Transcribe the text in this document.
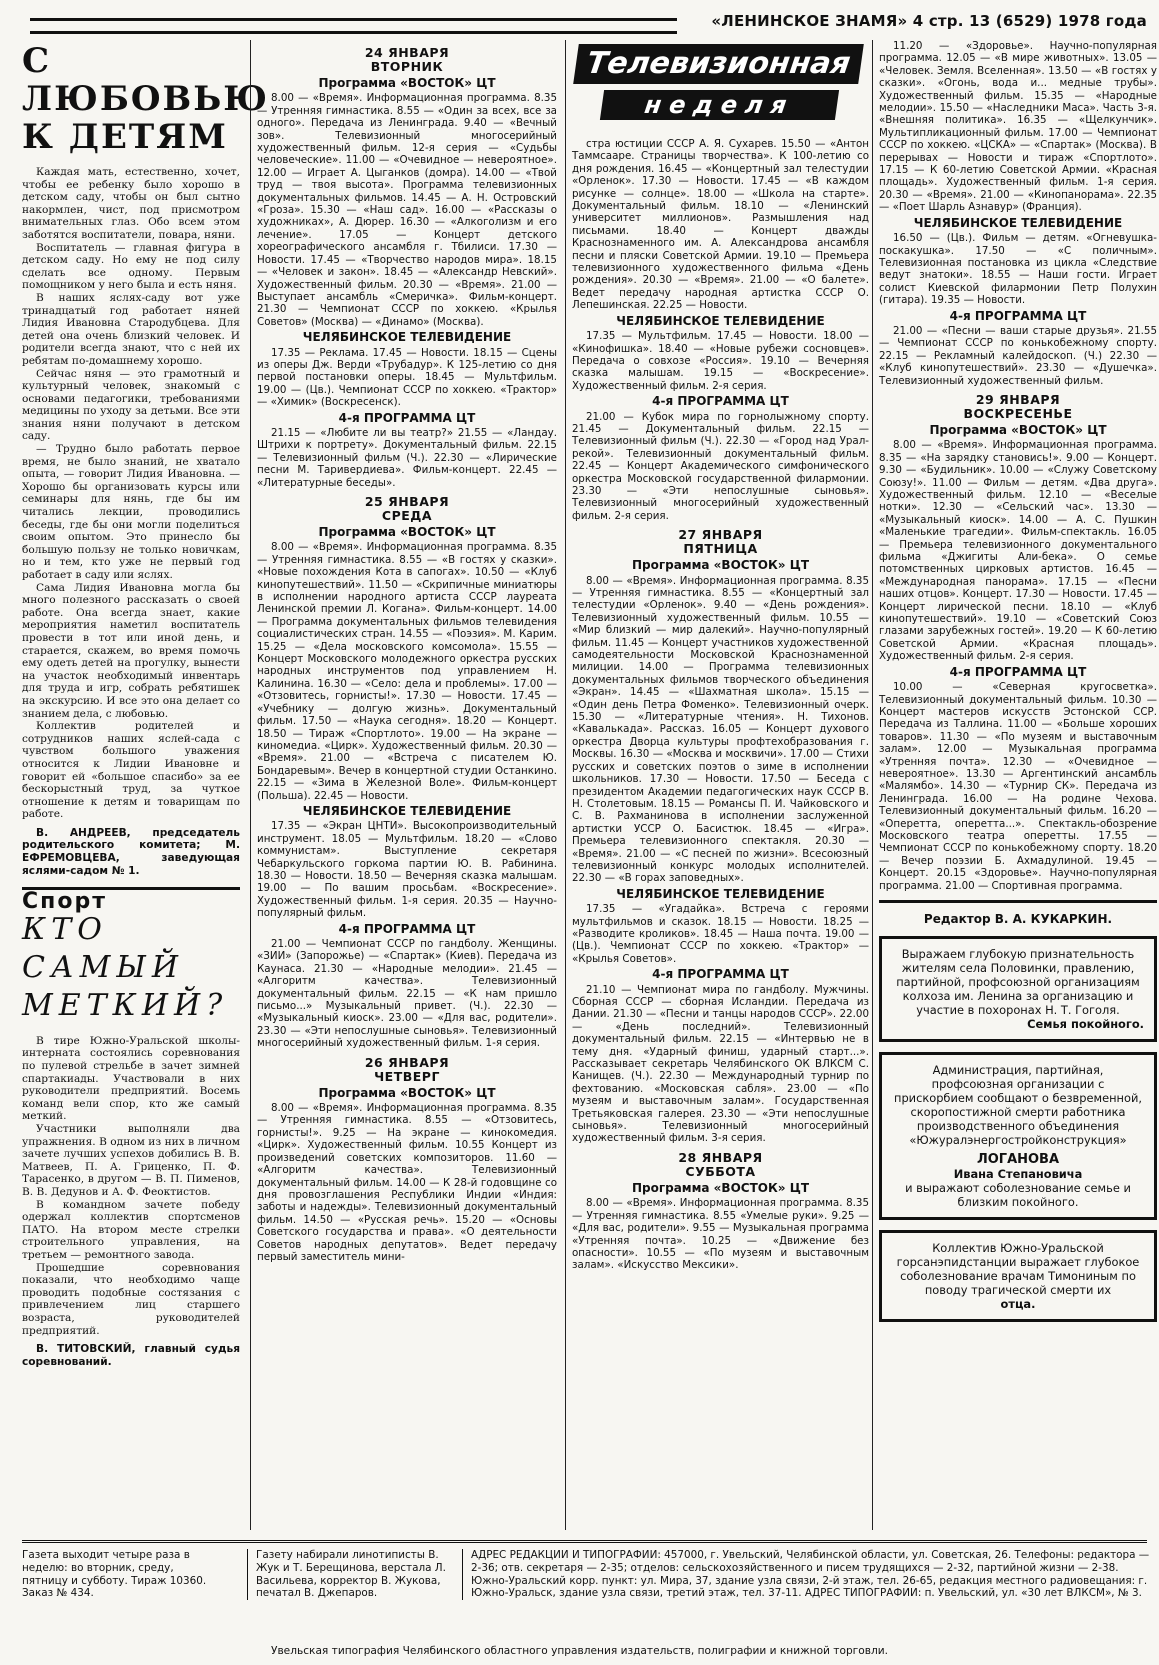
«ЛЕНИНСКОЕ ЗНАМЯ» 4 стр. 13 (6529) 1978 года
С ЛЮБОВЬЮ
К ДЕТЯМ

Каждая мать, естественно, хочет, чтобы ее ребенку было хорошо в детском саду, чтобы он был сытно накормлен, чист, под присмотром внимательных глаз. Обо всем этом заботятся воспитатели, повара, няни.

Воспитатель — главная фигура в детском саду. Но ему не под силу сделать все одному. Первым помощником у него была и есть няня.

В наших яслях-саду вот уже тринадцатый год работает няней Лидия Ивановна Стародубцева. Для детей она очень близкий человек. И родители всегда знают, что с ней их ребятам по-домашнему хорошо.

Сейчас няня — это грамотный и культурный человек, знакомый с основами педагогики, требованиями медицины по уходу за детьми. Все эти знания няни получают в детском саду.

— Трудно было работать первое время, не было знаний, не хватало опыта, — говорит Лидия Ивановна. — Хорошо бы организовать курсы или семинары для нянь, где бы им читались лекции, проводились беседы, где бы они могли поделиться своим опытом. Это принесло бы большую пользу не только новичкам, но и тем, кто уже не первый год работает в саду или яслях.

Сама Лидия Ивановна могла бы много полезного рассказать о своей работе. Она всегда знает, какие мероприятия наметил воспитатель провести в тот или иной день, и старается, скажем, во время помочь ему одеть детей на прогулку, вынести на участок необходимый инвентарь для труда и игр, собрать ребятишек на экскурсию. И все это она делает со знанием дела, с любовью.

Коллектив родителей и сотрудников наших яслей-сада с чувством большого уважения относится к Лидии Ивановне и говорит ей «большое спасибо» за ее бескорыстный труд, за чуткое отношение к детям и товарищам по работе.

В. АНДРЕЕВ, председатель родительского комитета; М. ЕФРЕМОВЦЕВА, заведующая яслями-садом № 1.
Спорт
КТО САМЫЙ
МЕТКИЙ?

В тире Южно-Уральской школы-интерната состоялись соревнования по пулевой стрельбе в зачет зимней спартакиады. Участвовали в них руководители предприятий. Восемь команд вели спор, кто же самый меткий.

Участники выполняли два упражнения. В одном из них в личном зачете лучших успехов добились В. В. Матвеев, П. А. Гриценко, П. Ф. Тарасенко, в другом — В. П. Пименов, В. В. Дедунов и А. Ф. Феоктистов.

В командном зачете победу одержал коллектив спортсменов ПАТО. На втором месте стрелки строительного управления, на третьем — ремонтного завода.

Прошедшие соревнования показали, что необходимо чаще проводить подобные состязания с привлечением лиц старшего возраста, руководителей предприятий.

В. ТИТОВСКИЙ, главный судья соревнований.
24 ЯНВАРЯ
ВТОРНИК
Программа «ВОСТОК» ЦТ

8.00 — «Время». Информационная программа. 8.35 — Утренняя гимнастика. 8.55 — «Один за всех, все за одного». Передача из Ленинграда. 9.40 — «Вечный зов». Телевизионный многосерийный художественный фильм. 12-я серия — «Судьбы человеческие». 11.00 — «Очевидное — невероятное». 12.00 — Играет А. Цыганков (домра). 14.00 — «Твой труд — твоя высота». Программа телевизионных документальных фильмов. 14.45 — А. Н. Островский «Гроза». 15.30 — «Наш сад». 16.00 — «Рассказы о художниках», А. Дюрер. 16.30 — «Алкоголизм и его лечение». 17.05 — Концерт детского хореографического ансамбля г. Тбилиси. 17.30 — Новости. 17.45 — «Творчество народов мира». 18.15 — «Человек и закон». 18.45 — «Александр Невский». Художественный фильм. 20.30 — «Время». 21.00 — Выступает ансамбль «Смеричка». Фильм-концерт. 21.30 — Чемпионат СССР по хоккею. «Крылья Советов» (Москва) — «Динамо» (Москва).

ЧЕЛЯБИНСКОЕ ТЕЛЕВИДЕНИЕ

17.35 — Реклама. 17.45 — Новости. 18.15 — Сцены из оперы Дж. Верди «Трубадур». К 125-летию со дня первой постановки оперы. 18.45 — Мультфильм. 19.00 — (Цв.). Чемпионат СССР по хоккею. «Трактор» — «Химик» (Воскресенск).

4-я ПРОГРАММА ЦТ

21.15 — «Любите ли вы театр?» 21.55 — «Ландау. Штрихи к портрету». Документальный фильм. 22.15 — Телевизионный фильм (Ч.). 22.30 — «Лирические песни М. Таривердиева». Фильм-концерт. 22.45 — «Литературные беседы».

25 ЯНВАРЯ
СРЕДА
Программа «ВОСТОК» ЦТ

8.00 — «Время». Информационная программа. 8.35 — Утренняя гимнастика. 8.55 — «В гостях у сказки». «Новые похождения Кота в сапогах». 10.50 — «Клуб кинопутешествий». 11.50 — «Скрипичные миниатюры в исполнении народного артиста СССР лауреата Ленинской премии Л. Когана». Фильм-концерт. 14.00 — Программа документальных фильмов телевидения социалистических стран. 14.55 — «Поэзия». М. Карим. 15.25 — «Дела московского комсомола». 15.55 — Концерт Московского молодежного оркестра русских народных инструментов под управлением Н. Калинина. 16.30 — «Село: дела и проблемы». 17.00 — «Отзовитесь, горнисты!». 17.30 — Новости. 17.45 — «Учебнику — долгую жизнь». Документальный фильм. 17.50 — «Наука сегодня». 18.20 — Концерт. 18.50 — Тираж «Спортлото». 19.00 — На экране — киномедиа. «Цирк». Художественный фильм. 20.30 — «Время». 21.00 — «Встреча с писателем Ю. Бондаревым». Вечер в концертной студии Останкино. 22.15 — «Зима в Железной Воле». Фильм-концерт (Польша). 22.45 — Новости.

ЧЕЛЯБИНСКОЕ ТЕЛЕВИДЕНИЕ

17.35 — «Экран ЦНТИ». Высокопроизводительный инструмент. 18.05 — Мультфильм. 18.20 — «Слово коммунистам». Выступление секретаря Чебаркульского горкома партии Ю. В. Рабинина. 18.30 — Новости. 18.50 — Вечерняя сказка малышам. 19.00 — По вашим просьбам. «Воскресение». Художественный фильм. 1-я серия. 20.35 — Научно-популярный фильм.

4-я ПРОГРАММА ЦТ

21.00 — Чемпионат СССР по гандболу. Женщины. «ЗИИ» (Запорожье) — «Спартак» (Киев). Передача из Каунаса. 21.30 — «Народные мелодии». 21.45 — «Алгоритм качества». Телевизионный документальный фильм. 22.15 — «К нам пришло письмо...» Музыкальный привет. (Ч.). 22.30 — «Музыкальный киоск». 23.00 — «Для вас, родители». 23.30 — «Эти непослушные сыновья». Телевизионный многосерийный художественный фильм. 1-я серия.

26 ЯНВАРЯ
ЧЕТВЕРГ
Программа «ВОСТОК» ЦТ

8.00 — «Время». Информационная программа. 8.35 — Утренняя гимнастика. 8.55 — «Отзовитесь, горнисты!». 9.25 — На экране — кинокомедия. «Цирк». Художественный фильм. 10.55 Концерт из произведений советских композиторов. 11.60 — «Алгоритм качества». Телевизионный документальный фильм. 14.00 — К 28-й годовщине со дня провозглашения Республики Индии «Индия: заботы и надежды». Телевизионный документальный фильм. 14.50 — «Русская речь». 15.20 — «Основы Советского государства и права». «О деятельности Советов народных депутатов». Ведет передачу первый заместитель мини-

Телевизионная
неделя

стра юстиции СССР А. Я. Сухарев. 15.50 — «Антон Таммсааре. Страницы творчества». К 100-летию со дня рождения. 16.45 — «Концертный зал телестудии «Орленок». 17.30 — Новости. 17.45 — «В каждом рисунке — солнце». 18.00 — «Школа на старте». Документальный фильм. 18.10 — «Ленинский университет миллионов». Размышления над письмами. 18.40 — Концерт дважды Краснознаменного им. А. Александрова ансамбля песни и пляски Советской Армии. 19.10 — Премьера телевизионного художественного фильма «День рождения». 20.30 — «Время». 21.00 — «О балете». Ведет передачу народная артистка СССР О. Лепешинская. 22.25 — Новости.

ЧЕЛЯБИНСКОЕ ТЕЛЕВИДЕНИЕ

17.35 — Мультфильм. 17.45 — Новости. 18.00 — «Кинофишка». 18.40 — «Новые рубежи сосновцев». Передача о совхозе «Россия». 19.10 — Вечерняя сказка малышам. 19.15 — «Воскресение». Художественный фильм. 2-я серия.

4-я ПРОГРАММА ЦТ

21.00 — Кубок мира по горнолыжному спорту. 21.45 — Документальный фильм. 22.15 — Телевизионный фильм (Ч.). 22.30 — «Город над Урал-рекой». Телевизионный документальный фильм. 22.45 — Концерт Академического симфонического оркестра Московской государственной филармонии. 23.30 — «Эти непослушные сыновья». Телевизионный многосерийный художественный фильм. 2-я серия.

27 ЯНВАРЯ
ПЯТНИЦА
Программа «ВОСТОК» ЦТ

8.00 — «Время». Информационная программа. 8.35 — Утренняя гимнастика. 8.55 — «Концертный зал телестудии «Орленок». 9.40 — «День рождения». Телевизионный художественный фильм. 10.55 — «Мир близкий — мир далекий». Научно-популярный фильм. 11.45 — Концерт участников художественной самодеятельности Московской Краснознаменной милиции. 14.00 — Программа телевизионных документальных фильмов творческого объединения «Экран». 14.45 — «Шахматная школа». 15.15 — «Один день Петра Фоменко». Телевизионный очерк. 15.30 — «Литературные чтения». Н. Тихонов. «Кавалькада». Рассказ. 16.05 — Концерт духового оркестра Дворца культуры профтехобразования г. Москвы. 16.30 — «Москва и москвичи». 17.00 — Стихи русских и советских поэтов о зиме в исполнении школьников. 17.30 — Новости. 17.50 — Беседа с президентом Академии педагогических наук СССР В. Н. Столетовым. 18.15 — Романсы П. И. Чайковского и С. В. Рахманинова в исполнении заслуженной артистки УССР О. Басистюк. 18.45 — «Игра». Премьера телевизионного спектакля. 20.30 — «Время». 21.00 — «С песней по жизни». Всесоюзный телевизионный конкурс молодых исполнителей. 22.30 — «В горах заповедных».

ЧЕЛЯБИНСКОЕ ТЕЛЕВИДЕНИЕ

17.35 — «Угадайка». Встреча с героями мультфильмов и сказок. 18.15 — Новости. 18.25 — «Разводите кроликов». 18.45 — Наша почта. 19.00 — (Цв.). Чемпионат СССР по хоккею. «Трактор» — «Крылья Советов».

4-я ПРОГРАММА ЦТ

21.10 — Чемпионат мира по гандболу. Мужчины. Сборная СССР — сборная Исландии. Передача из Дании. 21.30 — «Песни и танцы народов СССР». 22.00 — «День последний». Телевизионный документальный фильм. 22.15 — «Интервью не в тему дня. «Ударный финиш, ударный старт...». Рассказывает секретарь Челябинского ОК ВЛКСМ С. Канищев. (Ч.). 22.30 — Международный турнир по фехтованию. «Московская сабля». 23.00 — «По музеям и выставочным залам». Государственная Третьяковская галерея. 23.30 — «Эти непослушные сыновья». Телевизионный многосерийный художественный фильм. 3-я серия.

28 ЯНВАРЯ
СУББОТА
Программа «ВОСТОК» ЦТ

8.00 — «Время». Информационная программа. 8.35 — Утренняя гимнастика. 8.55 «Умелые руки». 9.25 — «Для вас, родители». 9.55 — Музыкальная программа «Утренняя почта». 10.25 — «Движение без опасности». 10.55 — «По музеям и выставочным залам». «Искусство Мексики».

11.20 — «Здоровье». Научно-популярная программа. 12.05 — «В мире животных». 13.05 — «Человек. Земля. Вселенная». 13.50 — «В гостях у сказки». «Огонь, вода и... медные трубы». Художественный фильм. 15.35 — «Народные мелодии». 15.50 — «Наследники Маса». Часть 3-я. «Внешняя политика». 16.35 — «Щелкунчик». Мультипликационный фильм. 17.00 — Чемпионат СССР по хоккею. «ЦСКА» — «Спартак» (Москва). В перерывах — Новости и тираж «Спортлото». 17.15 — К 60-летию Советской Армии. «Красная площадь». Художественный фильм. 1-я серия. 20.30 — «Время». 21.00 — «Кинопанорама». 22.35 — «Поет Шарль Азнавур» (Франция).

ЧЕЛЯБИНСКОЕ ТЕЛЕВИДЕНИЕ

16.50 — (Цв.). Фильм — детям. «Огневушка-поскакушка». 17.50 — «С поличным». Телевизионная постановка из цикла «Следствие ведут знатоки». 18.55 — Наши гости. Играет солист Киевской филармонии Петр Полухин (гитара). 19.35 — Новости.

4-я ПРОГРАММА ЦТ

21.00 — «Песни — ваши старые друзья». 21.55 — Чемпионат СССР по конькобежному спорту. 22.15 — Рекламный калейдоскоп. (Ч.) 22.30 — «Клуб кинопутешествий». 23.30 — «Душечка». Телевизионный художественный фильм.

29 ЯНВАРЯ
ВОСКРЕСЕНЬЕ
Программа «ВОСТОК» ЦТ

8.00 — «Время». Информационная программа. 8.35 — «На зарядку становись!». 9.00 — Концерт. 9.30 — «Будильник». 10.00 — «Служу Советскому Союзу!». 11.00 — Фильм — детям. «Два друга». Художественный фильм. 12.10 — «Веселые нотки». 12.30 — «Сельский час». 13.30 — «Музыкальный киоск». 14.00 — А. С. Пушкин «Маленькие трагедии». Фильм-спектакль. 16.05 — Премьера телевизионного документального фильма «Джигиты Али-бека». О семье потомственных цирковых артистов. 16.45 — «Международная панорама». 17.15 — «Песни наших отцов». Концерт. 17.30 — Новости. 17.45 — Концерт лирической песни. 18.10 — «Клуб кинопутешествий». 19.10 — «Советский Союз глазами зарубежных гостей». 19.20 — К 60-летию Советской Армии. «Красная площадь». Художественный фильм. 2-я серия.

4-я ПРОГРАММА ЦТ

10.00 — «Северная кругосветка». Телевизионный документальный фильм. 10.30 — Концерт мастеров искусств Эстонской ССР. Передача из Таллина. 11.00 — «Больше хороших товаров». 11.30 — «По музеям и выставочным залам». 12.00 — Музыкальная программа «Утренняя почта». 12.30 — «Очевидное — невероятное». 13.30 — Аргентинский ансамбль «Малямбо». 14.30 — «Турнир СК». Передача из Ленинграда. 16.00 — На родине Чехова. Телевизионный документальный фильм. 16.20 — «Оперетта, оперетта...». Спектакль-обозрение Московского театра оперетты. 17.55 — Чемпионат СССР по конькобежному спорту. 18.20 — Вечер поэзии Б. Ахмадулиной. 19.45 — Концерт. 20.15 «Здоровье». Научно-популярная программа. 21.00 — Спортивная программа.

Редактор В. А. КУКАРКИН.
Выражаем глубокую признательность жителям села Половинки, правлению, партийной, профсоюзной организациям колхоза им. Ленина за организацию и участие в похоронах Н. Т. Гоголя.
Семья покойного.
Администрация, партийная, профсоюзная организации с прискорбием сообщают о безвременной, скоропостижной смерти работника производственного объединения «Южуралэнергостройконструкция»
ЛОГАНОВА
Ивана Степановича
и выражают соболезнование семье и близким покойного.
Коллектив Южно-Уральской горсанэпидстанции выражает глубокое соболезнование врачам Тимониным по поводу трагической смерти их
отца.
Газета выходит четыре раза в неделю: во вторник, среду, пятницу и субботу. Тираж 10360. Заказ № 434.
Газету набирали линотиписты В. Жук и Т. Берещинова, верстала Л. Васильева, корректор В. Жукова, печатал В. Джепаров.
АДРЕС РЕДАКЦИИ И ТИПОГРАФИИ: 457000, г. Увельский, Челябинской области, ул. Советская, 26. Телефоны: редактора — 2-36; отв. секретаря — 2-35; отделов: сельскохозяйственного и писем трудящихся — 2-32, партийной жизни — 2-38. Южно-Уральский корр. пункт: ул. Мира, 37, здание узла связи, 2-й этаж, тел. 26-65, редакция местного радиовещания: г. Южно-Уральск, здание узла связи, третий этаж, тел. 37-11. АДРЕС ТИПОГРАФИИ: п. Увельский, ул. «30 лет ВЛКСМ», № 3.
Увельская типография Челябинского областного управления издательств, полиграфии и книжной торговли.
